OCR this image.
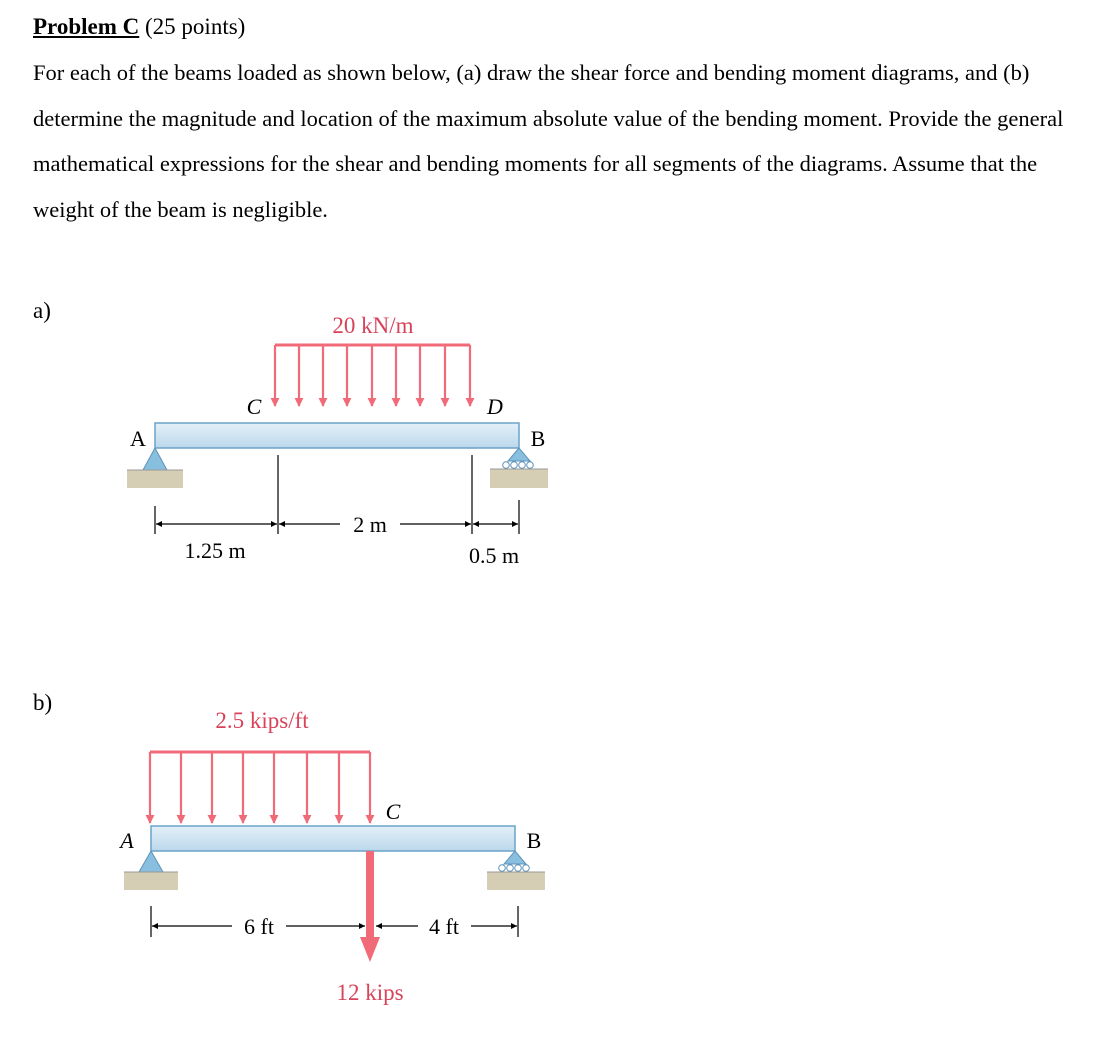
Problem C (25 points)
For each of the beams loaded as shown below, (a) draw the shear force and bending moment diagrams, and (b) determine the magnitude and location of the maximum absolute value of the bending moment. Provide the general mathematical expressions for the shear and bending moments for all segments of the diagrams. Assume that the weight of the beam is negligible.
a)
b)
20 kN/m
C	D
A	B
2 m
1.25 m	0.5 m
2.5 kips/ft
C
A	B
6 ft	4 ft
12 kips
